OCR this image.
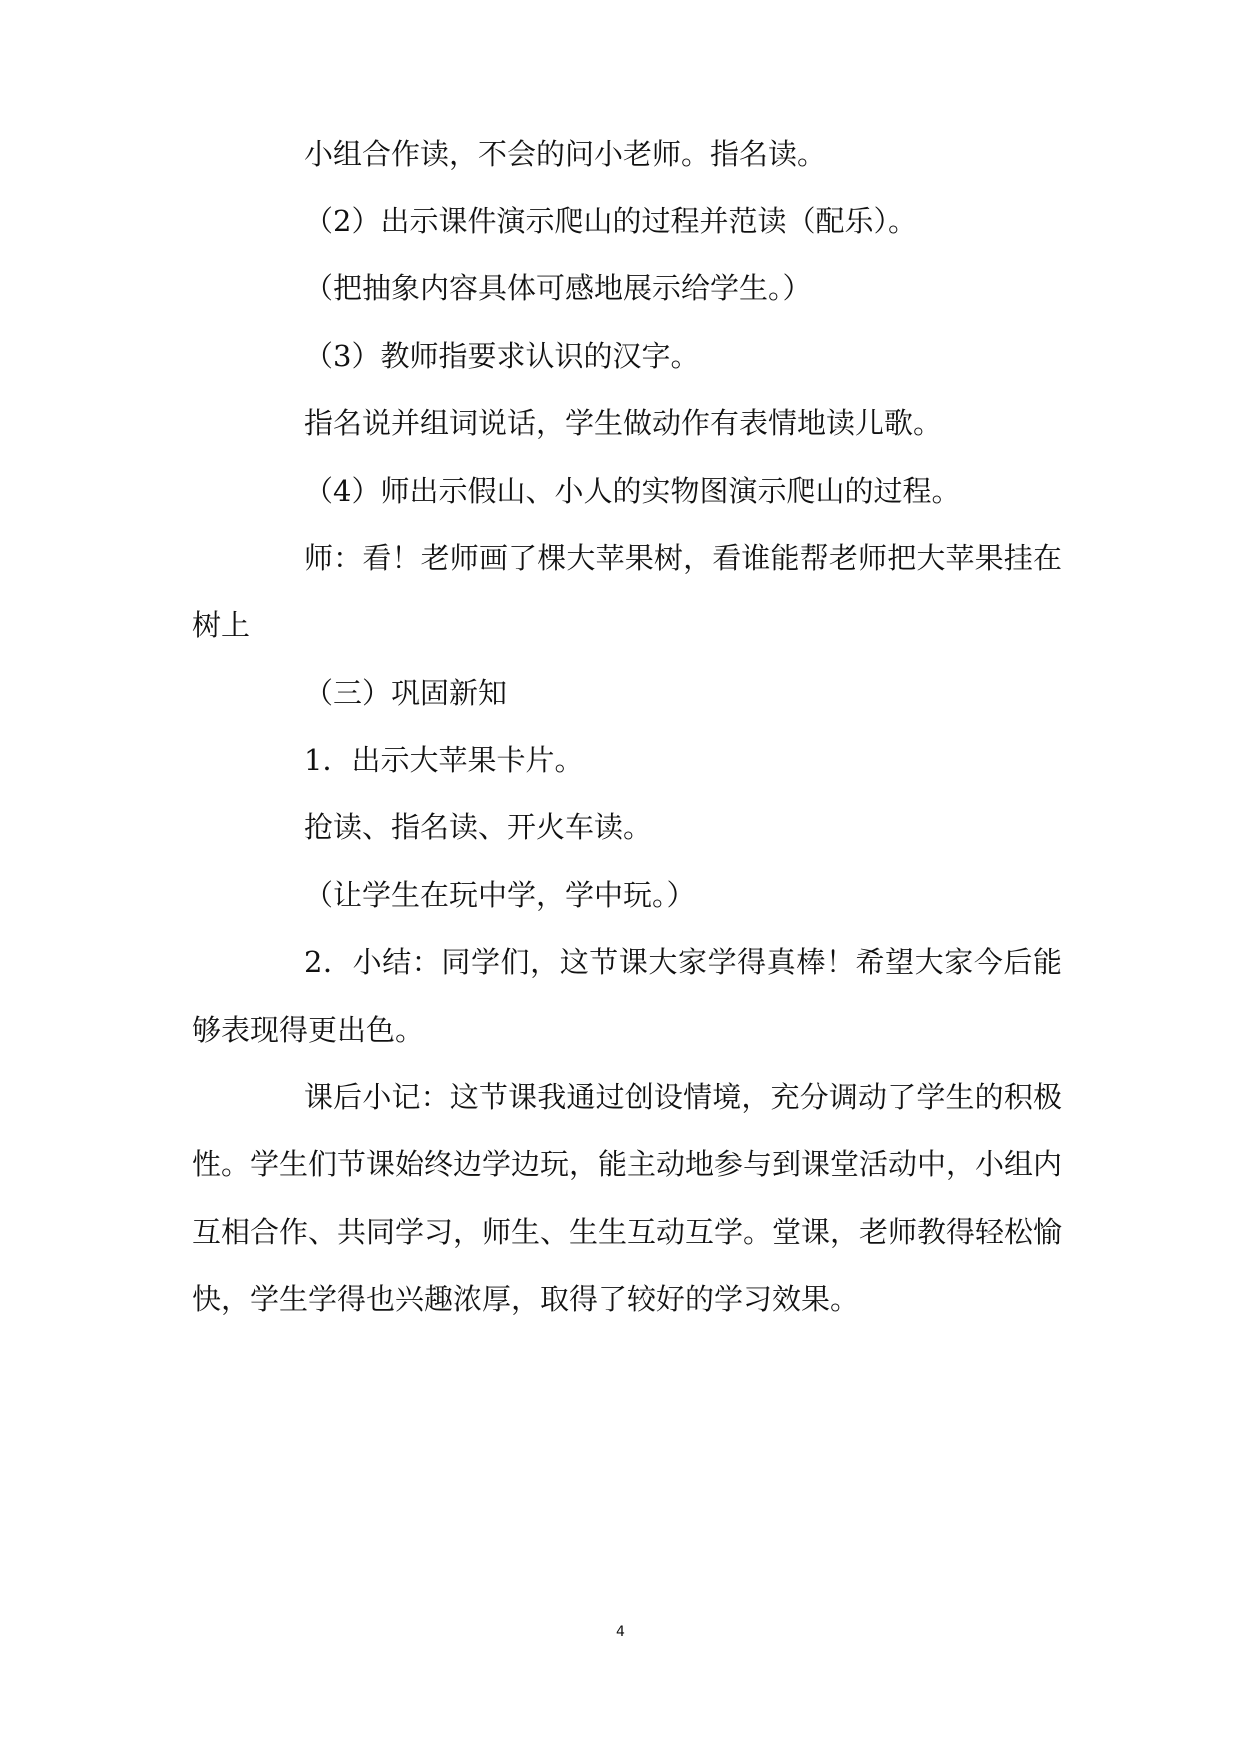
小组合作读，不会的问小老师。指名读。
（2）出示课件演示爬山的过程并范读（配乐）。
（把抽象内容具体可感地展示给学生。）
（3）教师指要求认识的汉字。
指名说并组词说话，学生做动作有表情地读儿歌。
（4）师出示假山、小人的实物图演示爬山的过程。
师：看！老师画了棵大苹果树，看谁能帮老师把大苹果挂在
树上
（三）巩固新知
1．出示大苹果卡片。
抢读、指名读、开火车读。
（让学生在玩中学，学中玩。）
2．小结：同学们，这节课大家学得真棒！希望大家今后能
够表现得更出色。
课后小记：这节课我通过创设情境，充分调动了学生的积极
性。学生们节课始终边学边玩，能主动地参与到课堂活动中，小组内
互相合作、共同学习，师生、生生互动互学。堂课，老师教得轻松愉
快，学生学得也兴趣浓厚，取得了较好的学习效果。
4
